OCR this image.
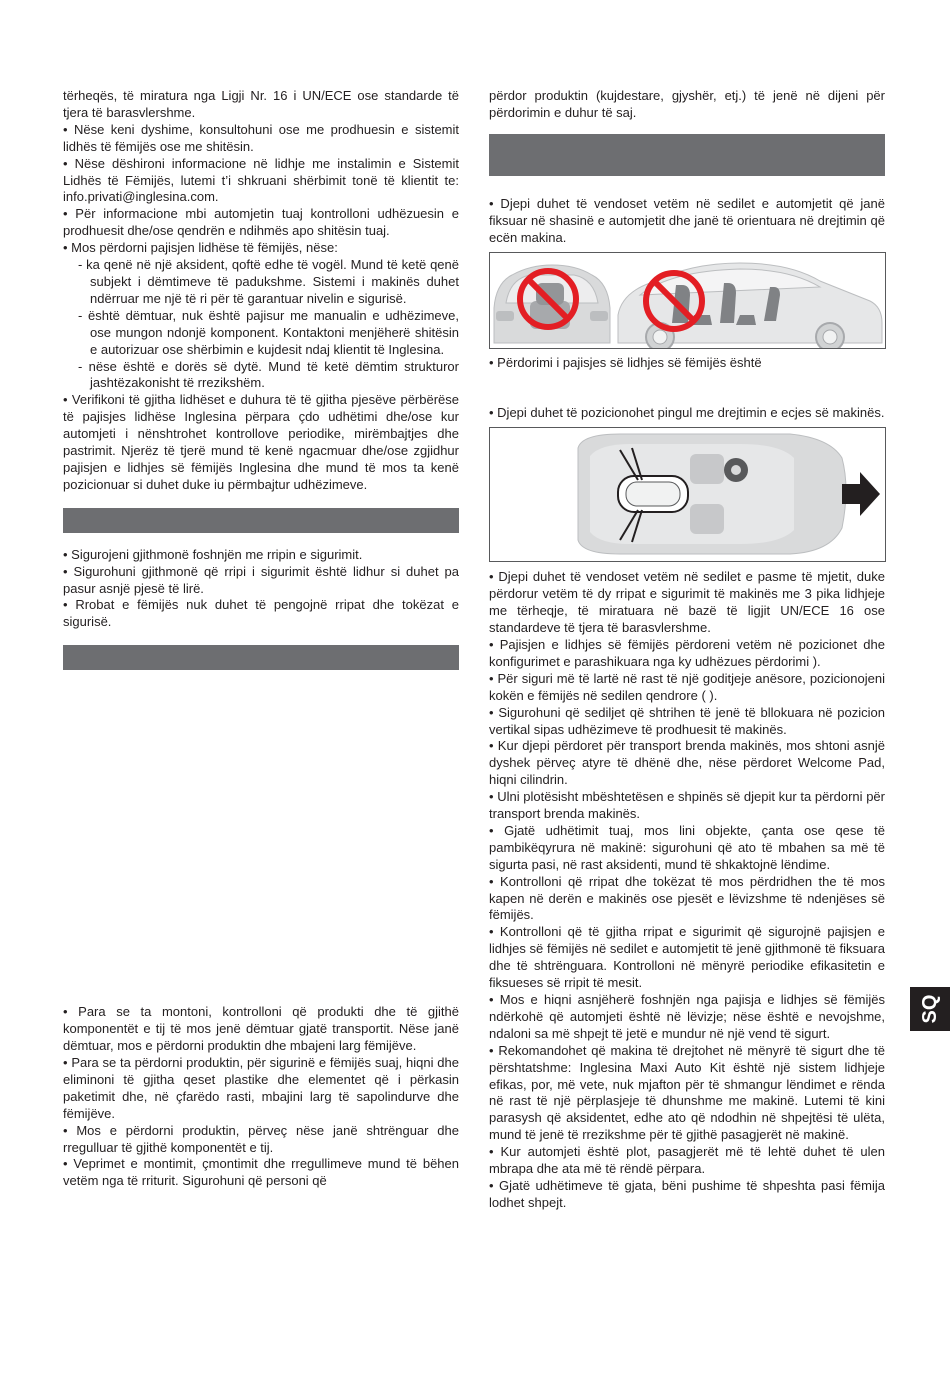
tërheqës, të miratura nga Ligji Nr. 16 i UN/ECE ose standarde të tjera të barasvlershme.

• Nëse keni dyshime, konsultohuni ose me prodhuesin e sistemit lidhës të fëmijës ose me shitësin.

• Nëse dëshironi informacione në lidhje me instalimin e Sistemit Lidhës të Fëmijës, lutemi t’i shkruani shërbimit tonë të klientit te: info.privati@inglesina.com.

• Për informacione mbi automjetin tuaj kontrolloni udhëzuesin e prodhuesit dhe/ose qendrën e ndihmës apo shitësin tuaj.

• Mos përdorni pajisjen lidhëse të fëmijës, nëse:

- ka qenë në një aksident, qoftë edhe të vogël. Mund të ketë qenë subjekt i dëmtimeve të padukshme. Sistemi i makinës duhet ndërruar me një të ri për të garantuar nivelin e sigurisë.

- është dëmtuar, nuk është pajisur me manualin e udhëzimeve, ose mungon ndonjë komponent. Kontaktoni menjëherë shitësin e autorizuar ose shërbimin e kujdesit ndaj klientit të Inglesina.

- nëse është e dorës së dytë. Mund të ketë dëmtim strukturor jashtëzakonisht të rrezikshëm.

• Verifikoni të gjitha lidhëset e duhura të të gjitha pjesëve përbërëse të pajisjes lidhëse Inglesina përpara çdo udhëtimi dhe/ose kur automjeti i nënshtrohet kontrollove periodike, mirëmbajtjes dhe pastrimit. Njerëz të tjerë mund të kenë ngacmuar dhe/ose zgjidhur pajisjen e lidhjes së fëmijës Inglesina dhe mund të mos ta kenë pozicionuar si duhet duke iu përmbajtur udhëzimeve.

• Sigurojeni gjithmonë foshnjën me rripin e sigurimit.

• Sigurohuni gjithmonë që rripi i sigurimit është lidhur si duhet pa pasur asnjë pjesë të lirë.

• Rrobat e fëmijës nuk duhet të pengojnë rripat dhe tokëzat e sigurisë.

• Para se ta montoni, kontrolloni që produkti dhe të gjithë komponentët e tij të mos jenë dëmtuar gjatë transportit. Nëse janë dëmtuar, mos e përdorni produktin dhe mbajeni larg fëmijëve.

• Para se ta përdorni produktin, për sigurinë e fëmijës suaj, hiqni dhe eliminoni të gjitha qeset plastike dhe elementet që i përkasin paketimit dhe, në çfarëdo rasti, mbajini larg të sapolindurve dhe fëmijëve.

• Mos e përdorni produktin, përveç nëse janë shtrënguar dhe rregulluar të gjithë komponentët e tij.

• Veprimet e montimit, çmontimit dhe rregullimeve mund të bëhen vetëm nga të rriturit. Sigurohuni që personi që

përdor produktin (kujdestare, gjyshër, etj.) të jenë në dijeni për përdorimin e duhur të saj.

• Djepi duhet të vendoset vetëm në sedilet e automjetit që janë fiksuar në shasinë e automjetit dhe janë të orientuara në drejtimin që ecën makina.

• Përdorimi i pajisjes së lidhjes së fëmijës është

• Djepi duhet të pozicionohet pingul me drejtimin e ecjes së makinës.

• Djepi duhet të vendoset vetëm në sedilet e pasme të mjetit, duke përdorur vetëm të dy rripat e sigurimit të makinës me 3 pika lidhjeje me tërheqje, të miratuara në bazë të ligjit UN/ECE 16 ose standardeve të tjera të barasvlershme.

• Pajisjen e lidhjes së fëmijës përdoreni vetëm në pozicionet dhe konfigurimet e parashikuara nga ky udhëzues përdorimi ).

• Për siguri më të lartë në rast të një goditjeje anësore, pozicionojeni kokën e fëmijës në sedilen qendrore ( ).

• Sigurohuni që sediljet që shtrihen të jenë të bllokuara në pozicion vertikal sipas udhëzimeve të prodhuesit të makinës.

• Kur djepi përdoret për transport brenda makinës, mos shtoni asnjë dyshek përveç atyre të dhënë dhe, nëse përdoret Welcome Pad, hiqni cilindrin.

• Ulni plotësisht mbështetësen e shpinës së djepit kur ta përdorni për transport brenda makinës.

• Gjatë udhëtimit tuaj, mos lini objekte, çanta ose qese të pambikëqyrura në makinë: sigurohuni që ato të mbahen sa më të sigurta pasi, në rast aksidenti, mund të shkaktojnë lëndime.

• Kontrolloni që rripat dhe tokëzat të mos përdridhen the të mos kapen në derën e makinës ose pjesët e lëvizshme të ndenjëses së fëmijës.

• Kontrolloni që të gjitha rripat e sigurimit që sigurojnë pajisjen e lidhjes së fëmijës në sedilet e automjetit të jenë gjithmonë të fiksuara dhe të shtrënguara. Kontrolloni në mënyrë periodike efikasitetin e fiksueses së rripit të mesit.

• Mos e hiqni asnjëherë foshnjën nga pajisja e lidhjes së fëmijës ndërkohë që automjeti është në lëvizje; nëse është e nevojshme, ndaloni sa më shpejt të jetë e mundur në një vend të sigurt.

• Rekomandohet që makina të drejtohet në mënyrë të sigurt dhe të përshtatshme: Inglesina Maxi Auto Kit është një sistem lidhjeje efikas, por, më vete, nuk mjafton për të shmangur lëndimet e rënda në rast të një përplasjeje të dhunshme me makinë. Lutemi të kini parasysh që aksidentet, edhe ato që ndodhin në shpejtësi të ulëta, mund të jenë të rrezikshme për të gjithë pasagjerët në makinë.

• Kur automjeti është plot, pasagjerët më të lehtë duhet të ulen mbrapa dhe ata më të rëndë përpara.

• Gjatë udhëtimeve të gjata, bëni pushime të shpeshta pasi fëmija lodhet shpejt.

SQ
